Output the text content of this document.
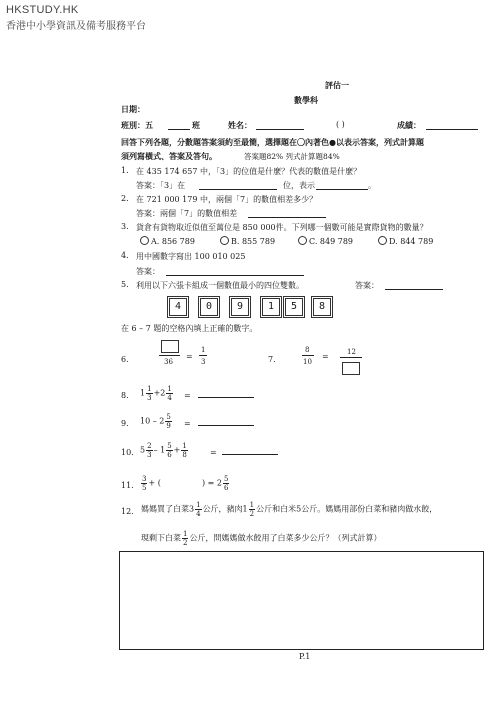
HKSTUDY.HK
香港中小學資訊及備考服務平台
評估一
數學科
日期：
班別：五	班	姓名：	( )	成績：
回答下列各題，分數題答案須約至最簡，選擇題在〇內著色●以表示答案，列式計算題
須列寫橫式、答案及答句。	答案題82% 列式計算題84%
1. 在 435 174 657 中，「3」的位值是什麼？代表的數值是什麼？
答案：「3」在	位，表示	。
2. 在 721 000 179 中，兩個「7」的數值相差多少？
答案：兩個「7」的數值相差
3. 貨倉有貨物取近似值至萬位是 850 000件。下列哪一個數可能是實際貨物的數量？
A. 856 789	B. 855 789	C. 849 789	D. 844 789
4. 用中國數字寫出 100 010 025
答案：
5. 利用以下六張卡組成一個數值最小的四位雙數。	答案：
4	0	9	1	5	8
在 6 – 7 題的空格內填上正確的數字。
6.	36
=
1
3	7.
8
10
=	12
8. $1 \frac{1}{3} +2 \frac{1}{4}$ =
9. $10 - 2 \frac{5}{9}$ =
10. $5 \frac{2}{3} - 1 \frac{5}{6} + \frac{1}{8}$	=
11. $\frac{3}{5}$ + (	) = $2 \frac{5}{6}$
12. 媽媽買了白菜$3 \frac{1}{4}$ 公斤，豬肉$1 \frac{1}{2}$ 公斤和白米5公斤。媽媽用部份白菜和豬肉做水餃，
現剩下白菜 $\frac{1}{2}$ 公斤，問媽媽做水餃用了白菜多少公斤？（列式計算）
P.1
